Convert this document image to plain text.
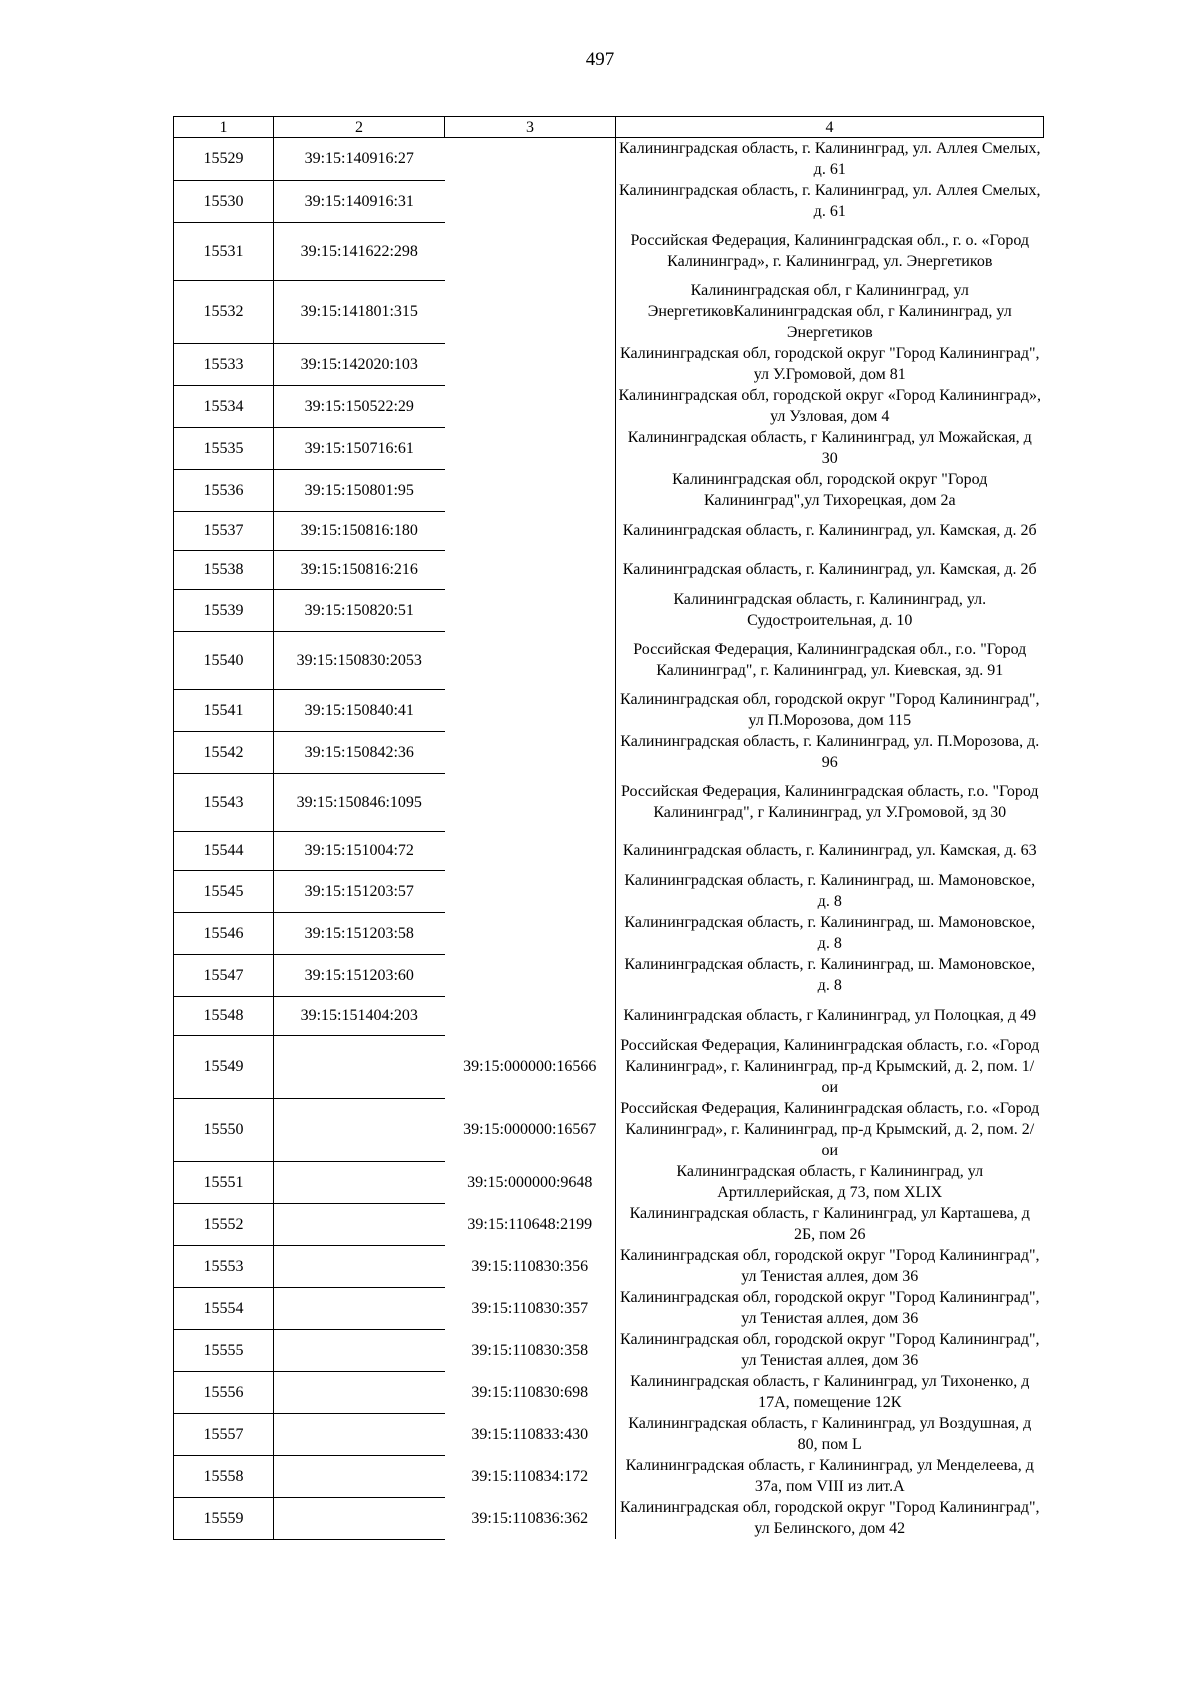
497
1	2	3	4
15529	39:15:140916:27		Калининградская область, г. Калининград, ул. Аллея Смелых, д. 61
15530	39:15:140916:31		Калининградская область, г. Калининград, ул. Аллея Смелых, д. 61
15531	39:15:141622:298		Российская Федерация, Калининградская обл., г. о. «Город Калининград», г. Калининград, ул. Энергетиков
15532	39:15:141801:315		Калининградская обл, г Калининград, ул ЭнергетиковКалининградская обл, г Калининград, ул Энергетиков
15533	39:15:142020:103		Калининградская обл, городской округ "Город Калининград", ул У.Громовой, дом 81
15534	39:15:150522:29		Калининградская обл, городской округ «Город Калининград», ул Узловая, дом 4
15535	39:15:150716:61		Калининградская область, г Калининград, ул Можайская, д 30
15536	39:15:150801:95		Калининградская обл, городской округ "Город Калининград",ул Тихорецкая, дом 2а
15537	39:15:150816:180		Калининградская область, г. Калининград, ул. Камская, д. 2б
15538	39:15:150816:216		Калининградская область, г. Калининград, ул. Камская, д. 2б
15539	39:15:150820:51		Калининградская область, г. Калининград, ул. Судостроительная, д. 10
15540	39:15:150830:2053		Российская Федерация, Калининградская обл., г.о. "Город Калининград", г. Калининград, ул. Киевская, зд. 91
15541	39:15:150840:41		Калининградская обл, городской округ "Город Калининград", ул П.Морозова, дом 115
15542	39:15:150842:36		Калининградская область, г. Калининград, ул. П.Морозова, д. 96
15543	39:15:150846:1095		Российская Федерация, Калининградская область, г.о. "Город Калининград", г Калининград, ул У.Громовой, зд 30
15544	39:15:151004:72		Калининградская область, г. Калининград, ул. Камская, д. 63
15545	39:15:151203:57		Калининградская область, г. Калининград, ш. Мамоновское, д. 8
15546	39:15:151203:58		Калининградская область, г. Калининград, ш. Мамоновское, д. 8
15547	39:15:151203:60		Калининградская область, г. Калининград, ш. Мамоновское, д. 8
15548	39:15:151404:203		Калининградская область, г Калининград, ул Полоцкая, д 49
15549		39:15:000000:16566	Российская Федерация, Калининградская область, г.о. «Город Калининград», г. Калининград, пр-д Крымский, д. 2, пом. 1/ои
15550		39:15:000000:16567	Российская Федерация, Калининградская область, г.о. «Город Калининград», г. Калининград, пр-д Крымский, д. 2, пом. 2/ои
15551		39:15:000000:9648	Калининградская область, г Калининград, ул Артиллерийская, д 73, пом XLIX
15552		39:15:110648:2199	Калининградская область, г Калининград, ул Карташева, д 2Б, пом 26
15553		39:15:110830:356	Калининградская обл, городской округ "Город Калининград", ул Тенистая аллея, дом 36
15554		39:15:110830:357	Калининградская обл, городской округ "Город Калининград", ул Тенистая аллея, дом 36
15555		39:15:110830:358	Калининградская обл, городской округ "Город Калининград", ул Тенистая аллея, дом 36
15556		39:15:110830:698	Калининградская область, г Калининград, ул Тихоненко, д 17А, помещение 12К
15557		39:15:110833:430	Калининградская область, г Калининград, ул Воздушная, д 80, пом L
15558		39:15:110834:172	Калининградская область, г Калининград, ул Менделеева, д 37а, пом VIII из лит.А
15559		39:15:110836:362	Калининградская обл, городской округ "Город Калининград", ул Белинского, дом 42
